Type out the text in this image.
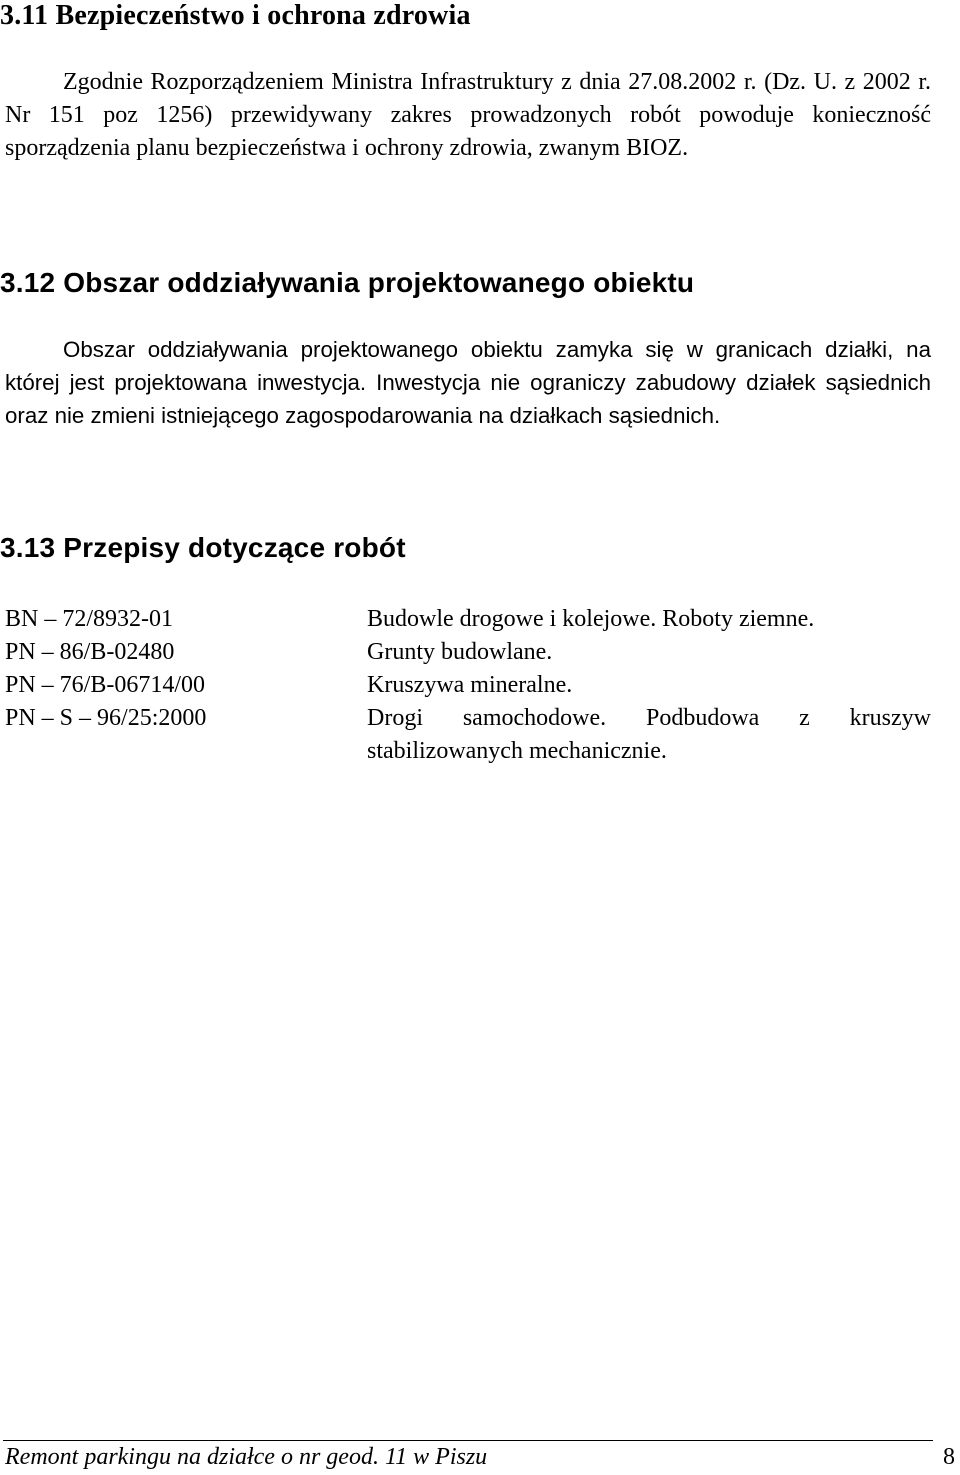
3.11 Bezpieczeństwo i ochrona zdrowia

Zgodnie Rozporządzeniem Ministra Infrastruktury z dnia 27.08.2002 r. (Dz. U. z 2002 r. Nr 151 poz 1256) przewidywany zakres prowadzonych robót powoduje konieczność sporządzenia planu bezpieczeństwa i ochrony zdrowia, zwanym BIOZ.

3.12 Obszar oddziaływania projektowanego obiektu

Obszar oddziaływania projektowanego obiektu zamyka się w granicach działki, na której jest projektowana inwestycja. Inwestycja nie ograniczy zabudowy działek sąsiednich oraz nie zmieni istniejącego zagospodarowania na działkach sąsiednich.

3.13 Przepisy dotyczące robót
BN – 72/8932-01	Budowle drogowe i kolejowe. Roboty ziemne.
PN – 86/B-02480	Grunty budowlane.
PN – 76/B-06714/00	Kruszywa mineralne.
PN – S – 96/25:2000	Drogi samochodowe. Podbudowa z kruszyw stabilizowanych mechanicznie.
Remont parkingu na działce o nr geod. 11 w Piszu	8
